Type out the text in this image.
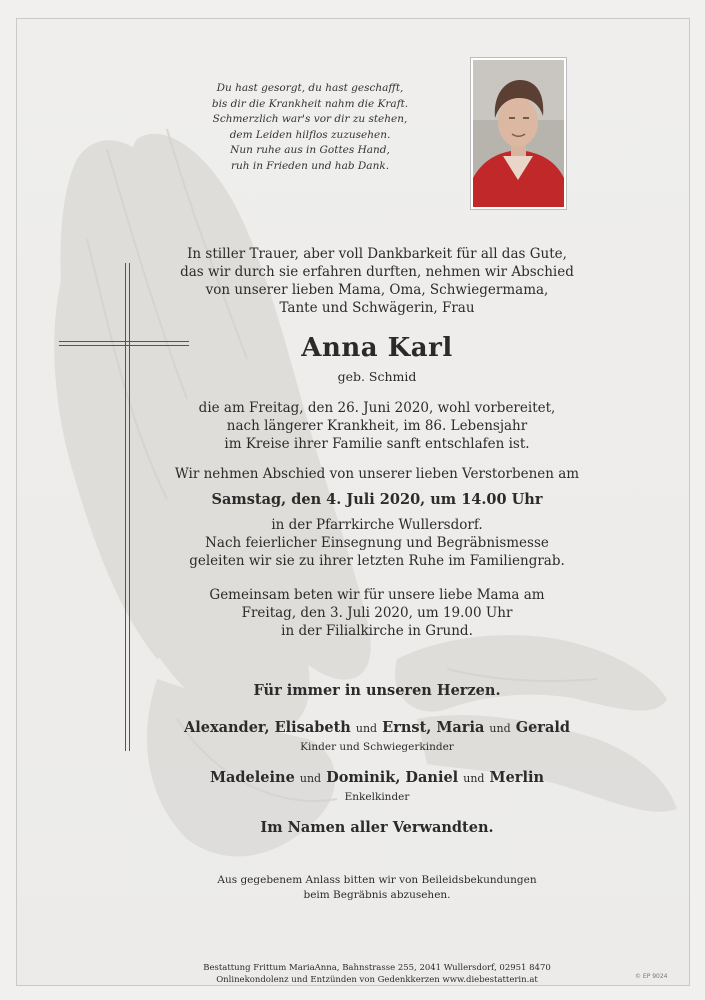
Du hast gesorgt, du hast geschafft,
bis dir die Krankheit nahm die Kraft.
Schmerzlich war's vor dir zu stehen,
dem Leiden hilflos zuzusehen.
Nun ruhe aus in Gottes Hand,
ruh in Frieden und hab Dank.
In stiller Trauer, aber voll Dankbarkeit für all das Gute,
das wir durch sie erfahren durften, nehmen wir Abschied
von unserer lieben Mama, Oma, Schwiegermama,
Tante und Schwägerin, Frau
Anna Karl
geb. Schmid
die am Freitag, den 26. Juni 2020, wohl vorbereitet,
nach längerer Krankheit, im 86. Lebensjahr
im Kreise ihrer Familie sanft entschlafen ist.
Wir nehmen Abschied von unserer lieben Verstorbenen am
Samstag, den 4. Juli 2020, um 14.00 Uhr
in der Pfarrkirche Wullersdorf.
Nach feierlicher Einsegnung und Begräbnismesse
geleiten wir sie zu ihrer letzten Ruhe im Familiengrab.
Gemeinsam beten wir für unsere liebe Mama am
Freitag, den 3. Juli 2020, um 19.00 Uhr
in der Filialkirche in Grund.
Für immer in unseren Herzen.
Alexander, Elisabeth und Ernst, Maria und Gerald
Kinder und Schwiegerkinder
Madeleine und Dominik, Daniel und Merlin
Enkelkinder
Im Namen aller Verwandten.
Aus gegebenem Anlass bitten wir von Beileidsbekundungen
beim Begräbnis abzusehen.
Bestattung Frittum MariaAnna, Bahnstrasse 255, 2041 Wullersdorf, 02951 8470
Onlinekondolenz und Entzünden von Gedenkkerzen www.diebestatterin.at	© EP 9024
